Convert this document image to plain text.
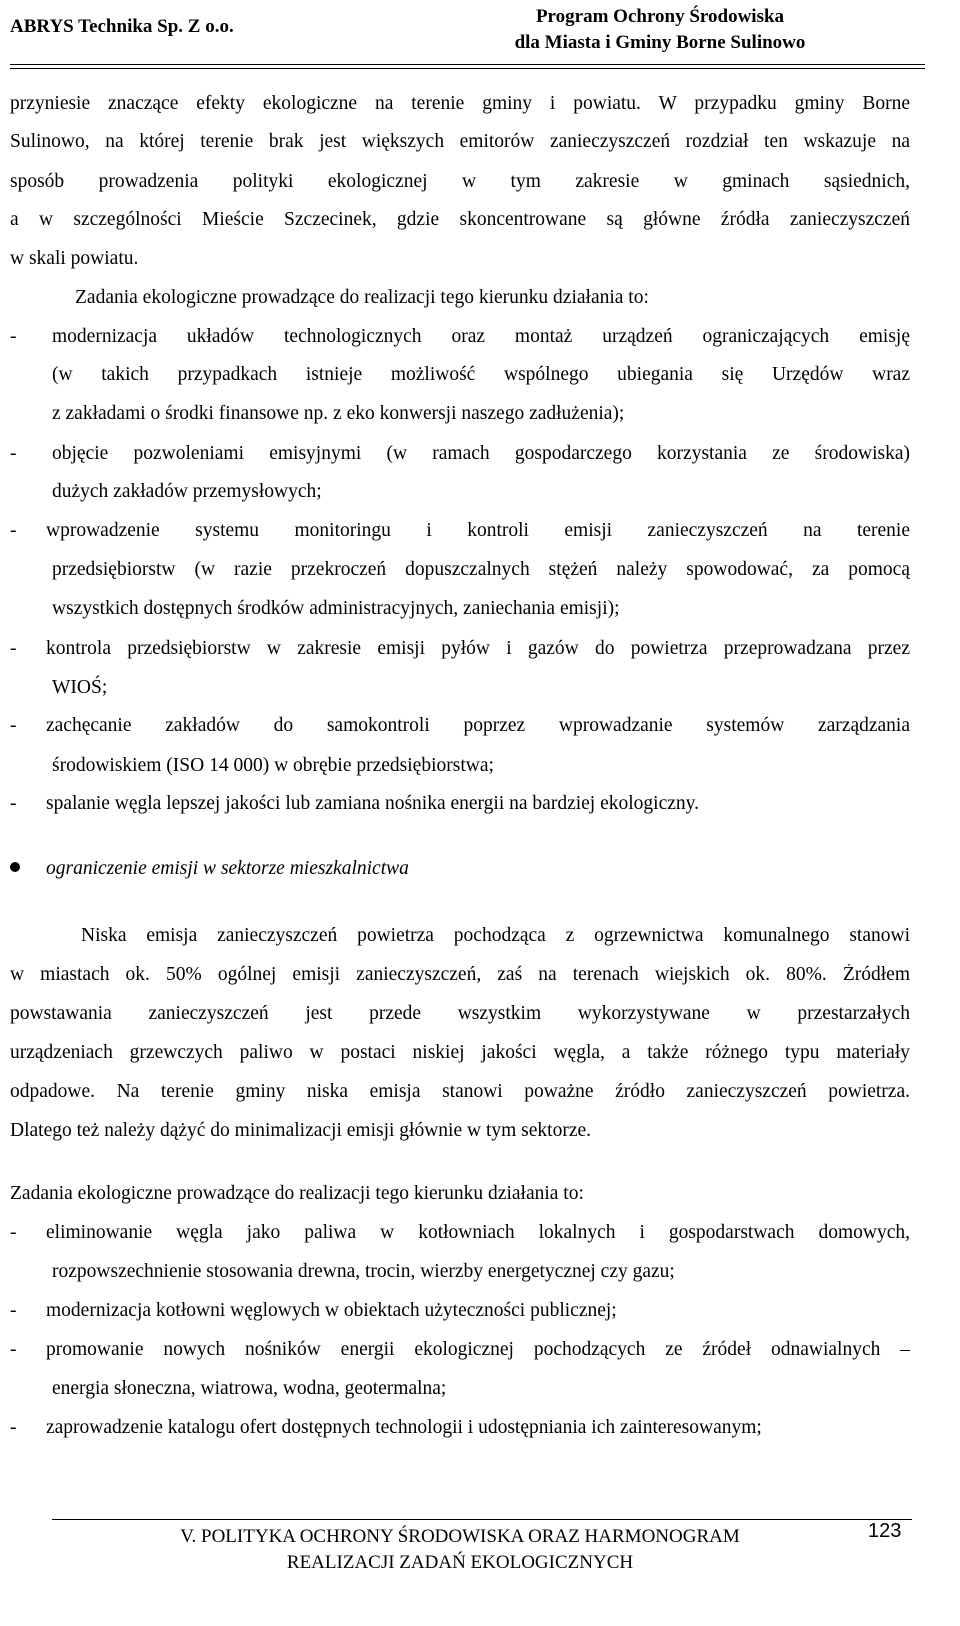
ABRYS Technika Sp. Z o.o.	Program Ochrony Środowiska
dla Miasta i Gminy Borne Sulinowo
przyniesie znaczące efekty ekologiczne na terenie gminy i powiatu. W przypadku gminy Borne
Sulinowo, na której terenie brak jest większych emitorów zanieczyszczeń rozdział ten wskazuje na
sposób prowadzenia polityki ekologicznej w tym zakresie w gminach sąsiednich,
a w szczególności Mieście Szczecinek, gdzie skoncentrowane są główne źródła zanieczyszczeń
w skali powiatu.
Zadania ekologiczne prowadzące do realizacji tego kierunku działania to:
- modernizacja układów technologicznych oraz montaż urządzeń ograniczających emisję
(w takich przypadkach istnieje możliwość wspólnego ubiegania się Urzędów wraz
z zakładami o środki finansowe np. z eko konwersji naszego zadłużenia);
- objęcie pozwoleniami emisyjnymi (w ramach gospodarczego korzystania ze środowiska)
dużych zakładów przemysłowych;
- wprowadzenie systemu monitoringu i kontroli emisji zanieczyszczeń na terenie
przedsiębiorstw (w razie przekroczeń dopuszczalnych stężeń należy spowodować, za pomocą
wszystkich dostępnych środków administracyjnych, zaniechania emisji);
- kontrola przedsiębiorstw w zakresie emisji pyłów i gazów do powietrza przeprowadzana przez
WIOŚ;
- zachęcanie zakładów do samokontroli poprzez wprowadzanie systemów zarządzania
środowiskiem (ISO 14 000) w obrębie przedsiębiorstwa;
- spalanie węgla lepszej jakości lub zamiana nośnika energii na bardziej ekologiczny.
ograniczenie emisji w sektorze mieszkalnictwa
Niska emisja zanieczyszczeń powietrza pochodząca z ogrzewnictwa komunalnego stanowi
w miastach ok. 50% ogólnej emisji zanieczyszczeń, zaś na terenach wiejskich ok. 80%. Źródłem
powstawania zanieczyszczeń jest przede wszystkim wykorzystywane w przestarzałych
urządzeniach grzewczych paliwo w postaci niskiej jakości węgla, a także różnego typu materiały
odpadowe. Na terenie gminy niska emisja stanowi poważne źródło zanieczyszczeń powietrza.
Dlatego też należy dążyć do minimalizacji emisji głównie w tym sektorze.
Zadania ekologiczne prowadzące do realizacji tego kierunku działania to:
- eliminowanie węgla jako paliwa w kotłowniach lokalnych i gospodarstwach domowych,
rozpowszechnienie stosowania drewna, trocin, wierzby energetycznej czy gazu;
- modernizacja kotłowni węglowych w obiektach użyteczności publicznej;
- promowanie nowych nośników energii ekologicznej pochodzących ze źródeł odnawialnych –
energia słoneczna, wiatrowa, wodna, geotermalna;
- zaprowadzenie katalogu ofert dostępnych technologii i udostępniania ich zainteresowanym;
V. POLITYKA OCHRONY ŚRODOWISKA ORAZ HARMONOGRAM
REALIZACJI ZADAŃ EKOLOGICZNYCH
123
